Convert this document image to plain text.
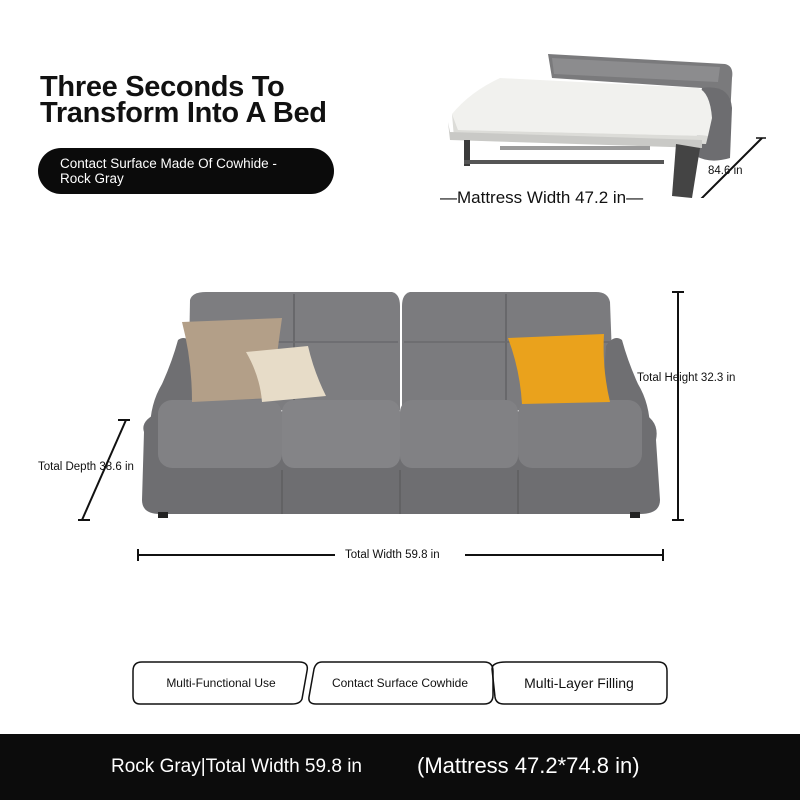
Three Seconds To
Transform Into A Bed
Contact Surface Made Of Cowhide -
Rock Gray	84.6 in
—Mattress Width 47.2 in—
Total Height 32.3 in
Total Depth 38.6 in
Total Width 59.8 in
Multi-Functional Use	Contact Surface Cowhide	Multi-Layer Filling
Rock Gray|Total Width 59.8 in	(Mattress 47.2*74.8 in)
